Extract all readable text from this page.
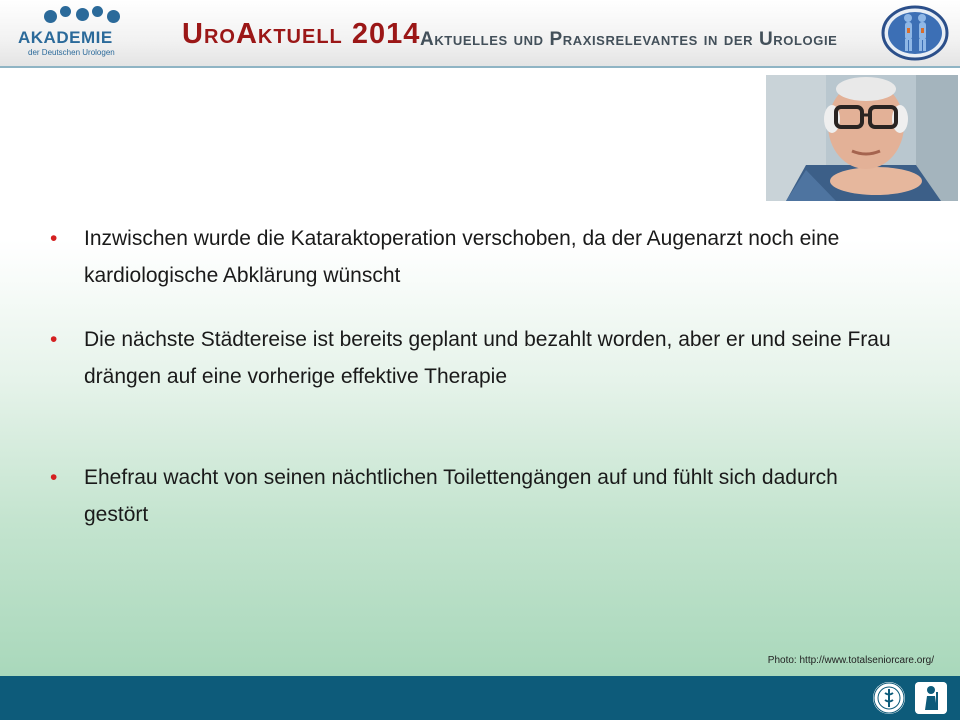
AKADEMIE
der Deutschen Urologen
UroAktuell 2014 Aktuelles und Praxisrelevantes in der Urologie
• Inzwischen wurde die Kataraktoperation verschoben, da der Augenarzt noch eine kardiologische Abklärung wünscht
• Die nächste Städtereise ist bereits geplant und bezahlt worden, aber er und seine Frau drängen auf eine vorherige effektive Therapie
• Ehefrau wacht von seinen nächtlichen Toilettengängen auf und fühlt sich dadurch gestört
Photo: http://www.totalseniorcare.org/
